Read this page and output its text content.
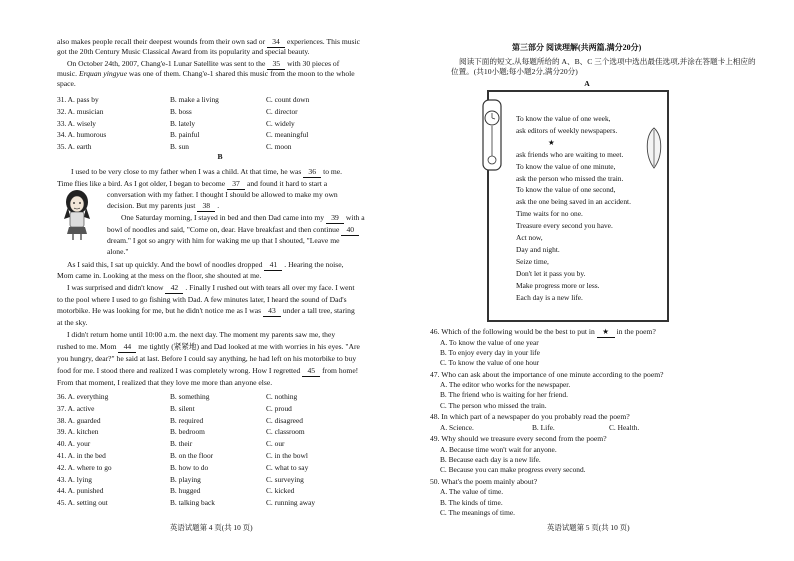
also makes people recall their deepest wounds from their own sad or 34 experiences. This music
got the 20th Century Music Classical Award from its popularity and special beauty.
On October 24th, 2007, Chang'e-1 Lunar Satellite was sent to the 35 with 30 pieces of
music. Erquan yingyue was one of them. Chang'e-1 shared this music from the moon to the whole
space.
31. A. pass by	B. make a living	C. count down
32. A. musician	B. boss	C. director
33. A. wisely	B. lately	C. widely
34. A. humorous	B. painful	C. meaningful
35. A. earth	B. sun	C. moon
B
I used to be very close to my father when I was a child. At that time, he was 36 to me.
Time flies like a bird. As I got older, I began to become 37 and found it hard to start a
conversation with my father. I thought I should be allowed to make my own
decision. But my parents just 38 .
One Saturday morning, I stayed in bed and then Dad came into my 39 with a
bowl of noodles and said, "Come on, dear. Have breakfast and then continue 40
dream." I got so angry with him for waking me up that I shouted, "Leave me
alone."
As I said this, I sat up quickly. And the bowl of noodles dropped 41 . Hearing the noise,
Mom came in. Looking at the mess on the floor, she shouted at me.
I was surprised and didn't know 42 . Finally I rushed out with tears all over my face. I went
to the pool where I used to go fishing with Dad. A few minutes later, I heard the sound of Dad's
motorbike. He was looking for me, but he didn't notice me as I was 43 under a tall tree, staring
at the sky.
I didn't return home until 10:00 a.m. the next day. The moment my parents saw me, they
rushed to me. Mom 44 me tightly (紧紧地) and Dad looked at me with worries in his eyes. "Are
you hungry, dear?" he said at last. Before I could say anything, he had left on his motorbike to buy
food for me. I stood there and realized I was completely wrong. How I regretted 45 from home!
From that moment, I realized that they love me more than anyone else.
36. A. everything	B. something	C. nothing
37. A. active	B. silent	C. proud
38. A. guarded	B. required	C. disagreed
39. A. kitchen	B. bedroom	C. classroom
40. A. your	B. their	C. our
41. A. in the bed	B. on the floor	C. in the bowl
42. A. where to go	B. how to do	C. what to say
43. A. lying	B. playing	C. surveying
44. A. punished	B. hugged	C. kicked
45. A. setting out	B. talking back	C. running away
英语试题第 4 页(共 10 页)
第三部分 阅读理解(共两篇,满分20分)
阅读下面的短文,从每题所给的 A、B、C 三个选项中选出最佳选项,并涂在答题卡上相应的
位置。(共10小题;每小题2分,满分20分)
A
46. Which of the following would be the best to put in ★ in the poem?
A. To know the value of one year
B. To enjoy every day in your life
C. To know the value of one hour
47. Who can ask about the importance of one minute according to the poem?
A. The editor who works for the newspaper.
B. The friend who is waiting for her friend.
C. The person who missed the train.
48. In which part of a newspaper do you probably read the poem?
A. Science.	B. Life.	C. Health.
49. Why should we treasure every second from the poem?
A. Because time won't wait for anyone.
B. Because each day is a new life.
C. Because you can make progress every second.
50. What's the poem mainly about?
A. The value of time.
B. The kinds of time.
C. The meanings of time.
英语试题第 5 页(共 10 页)
To know the value of one week,
ask editors of weekly newspapers.
★
ask friends who are waiting to meet.
To know the value of one minute,
ask the person who missed the train.
To know the value of one second,
ask the one being saved in an accident.
Time waits for no one.
Treasure every second you have.
Act now,
Day and night.
Seize time,
Don't let it pass you by.
Make progress more or less.
Each day is a new life.
